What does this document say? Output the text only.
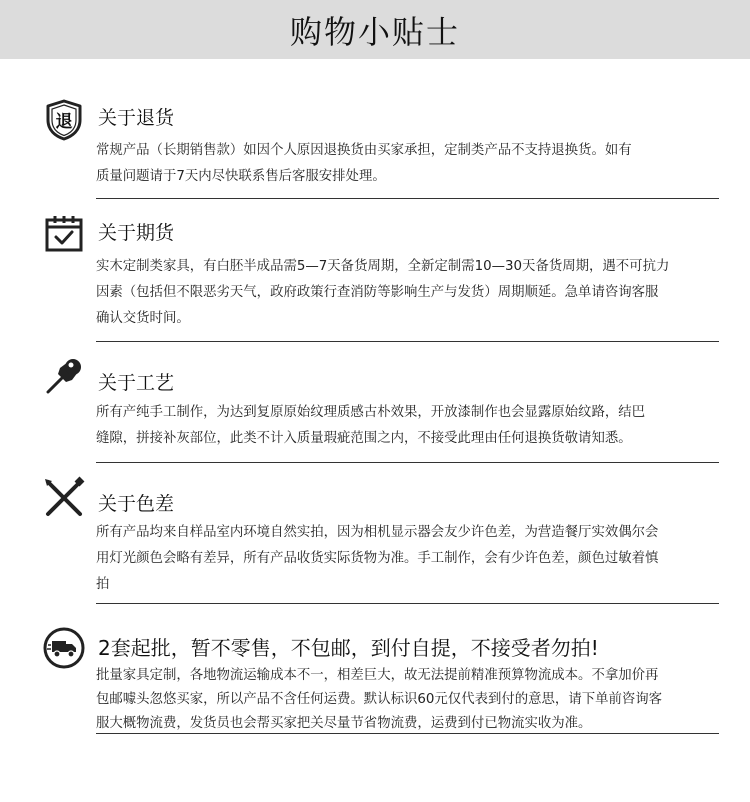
购物小贴士
退 关于退货
常规产品（长期销售款）如因个人原因退换货由买家承担，定制类产品不支持退换货。如有
质量问题请于7天内尽快联系售后客服安排处理。
关于期货
实木定制类家具，有白胚半成品需5—7天备货周期，全新定制需10—30天备货周期，遇不可抗力
因素（包括但不限恶劣天气，政府政策行查消防等影响生产与发货）周期顺延。急单请咨询客服
确认交货时间。
关于工艺
所有产纯手工制作，为达到复原原始纹理质感古朴效果，开放漆制作也会显露原始纹路，结巴
缝隙，拼接补灰部位，此类不计入质量瑕疵范围之内，不接受此理由任何退换货敬请知悉。
关于色差
所有产品均来自样品室内环境自然实拍，因为相机显示器会友少许色差，为营造餐厅实效偶尔会
用灯光颜色会略有差异，所有产品收货实际货物为准。手工制作，会有少许色差，颜色过敏着慎
拍
2套起批，暂不零售，不包邮，到付自提，不接受者勿拍!
批量家具定制，各地物流运输成本不一，相差巨大，故无法提前精准预算物流成本。不拿加价再
包邮噱头忽悠买家，所以产品不含任何运费。默认标识60元仅代表到付的意思，请下单前咨询客
服大概物流费，发货员也会帮买家把关尽量节省物流费，运费到付已物流实收为准。
